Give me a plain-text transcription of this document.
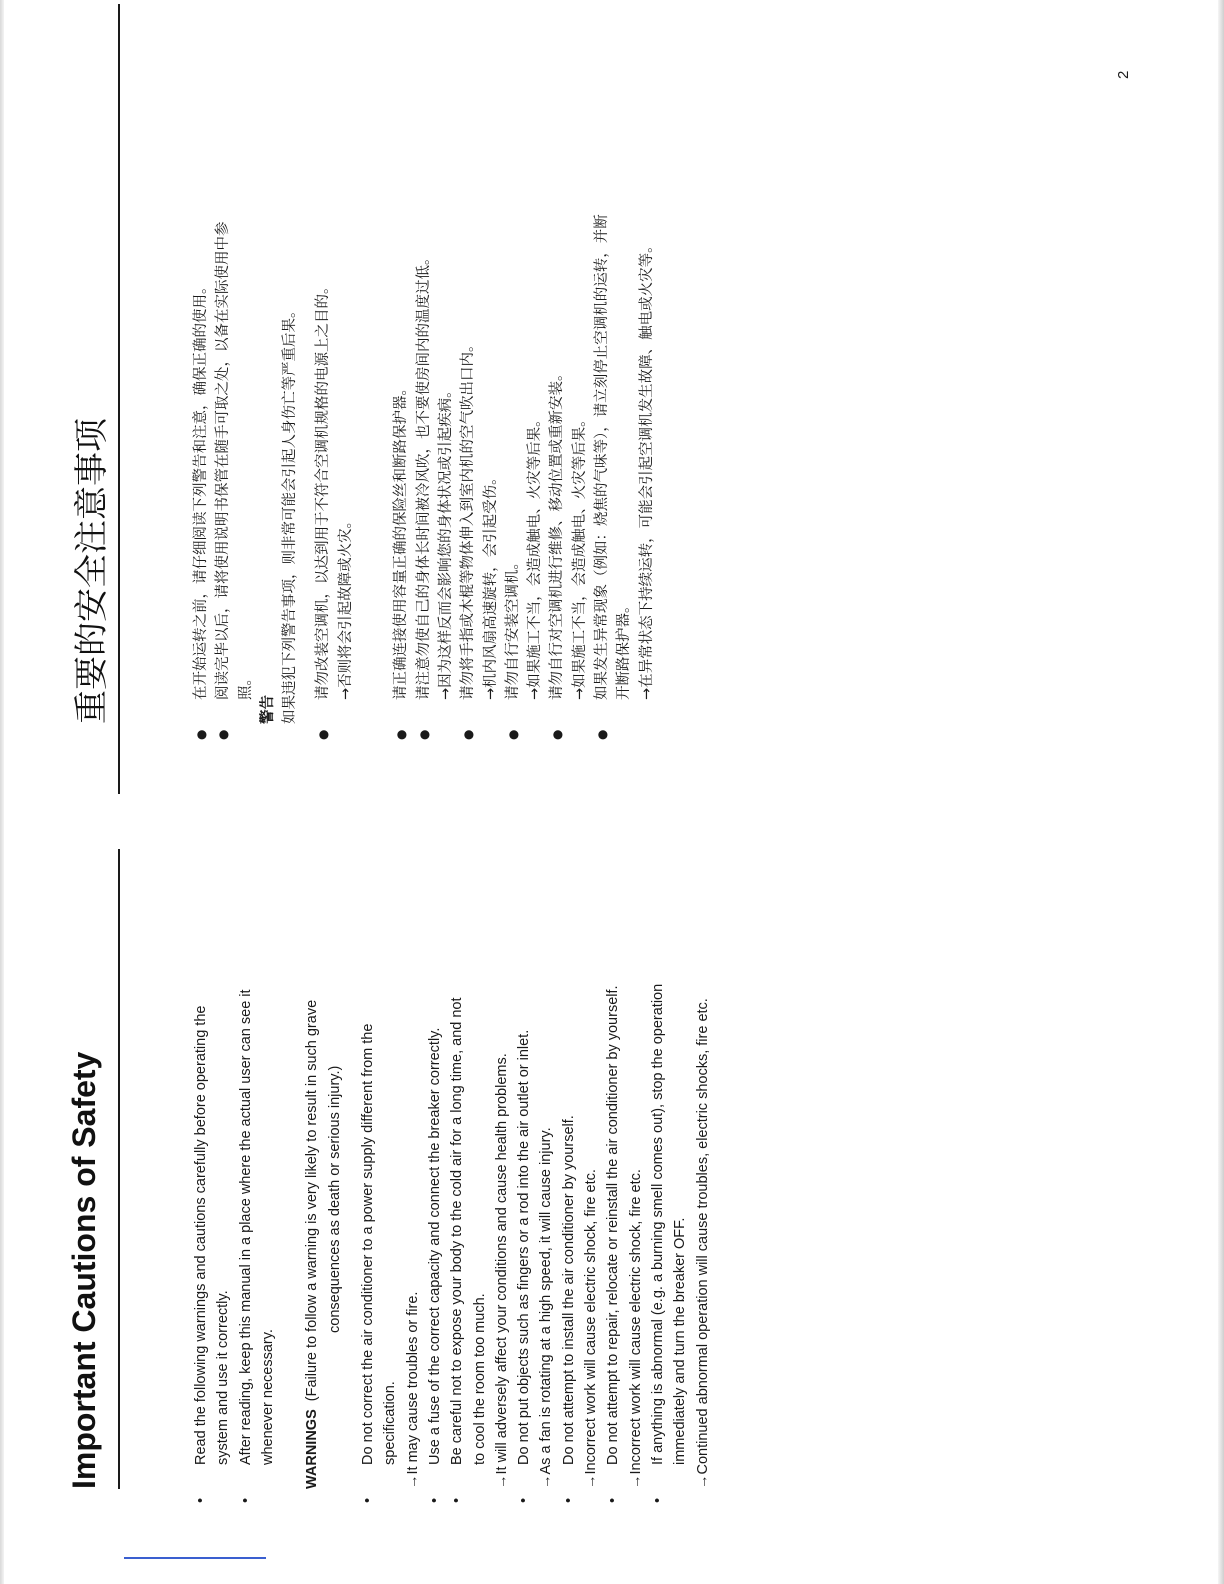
Important Cautions of Safety
重要的安全注意事项
2
• Read the following warnings and cautions carefully before operating the system and use it correctly. • After reading, keep this manual in a place where the actual user can see it whenever necessary. WARNINGS  (Failure to follow a warning is very likely to result in such grave consequences as death or serious injury.) • Do not correct the air conditioner to a power supply different from the specification. →It may cause troubles or fire. • Use a fuse of the correct capacity and connect the breaker correctly. • Be careful not to expose your body to the cold air for a long time, and not to cool the room too much. →It will adversely affect your conditions and cause health problems. • Do not put objects such as fingers or a rod into the air outlet or inlet. →As a fan is rotating at a high speed, it will cause injury. • Do not attempt to install the air conditioner by yourself. →Incorrect work will cause electric shock, fire etc. • Do not attempt to repair, relocate or reinstall the air conditioner by yourself. →Incorrect work will cause electric shock, fire etc. • If anything is abnormal (e.g. a burning smell comes out), stop the operation immediately and turn the breaker OFF. →Continued abnormal operation will cause troubles, electric shocks, fire etc.
● 在开始运转之前，请仔细阅读下列警告和注意，确保正确的使用。 ● 阅读完毕以后，请将使用说明书保管在随手可取之处，以备在实际使用中参 照。
警告 如果违犯下列警告事项，则非常可能会引起人身伤亡等严重后果。 ● 请勿改装空调机，以达到用于不符合空调机规格的电源上之目的。 →否则将会引起故障或火灾。	● 请正确连接使用容量正确的保险丝和断路保护器。 ● 请注意勿使自己的身体长时间被冷风吹，也不要使房间内的温度过低。 →因为这样反而会影响您的身体状况或引起疾病。 ● 请勿将手指或木棍等物体伸入到室内机的空气吹出口内。 →机内风扇高速旋转，会引起受伤。 ● 请勿自行安装空调机。 →如果施工不当，会造成触电、火灾等后果。 ● 请勿自行对空调机进行维修、移动位置或重新安装。 →如果施工不当，会造成触电、火灾等后果。 ● 如果发生异常现象（例如：烧焦的气味等），请立刻停止空调机的运转，并断 开断路保护器。 →在异常状态下持续运转，可能会引起空调机发生故障、触电或火灾等。
